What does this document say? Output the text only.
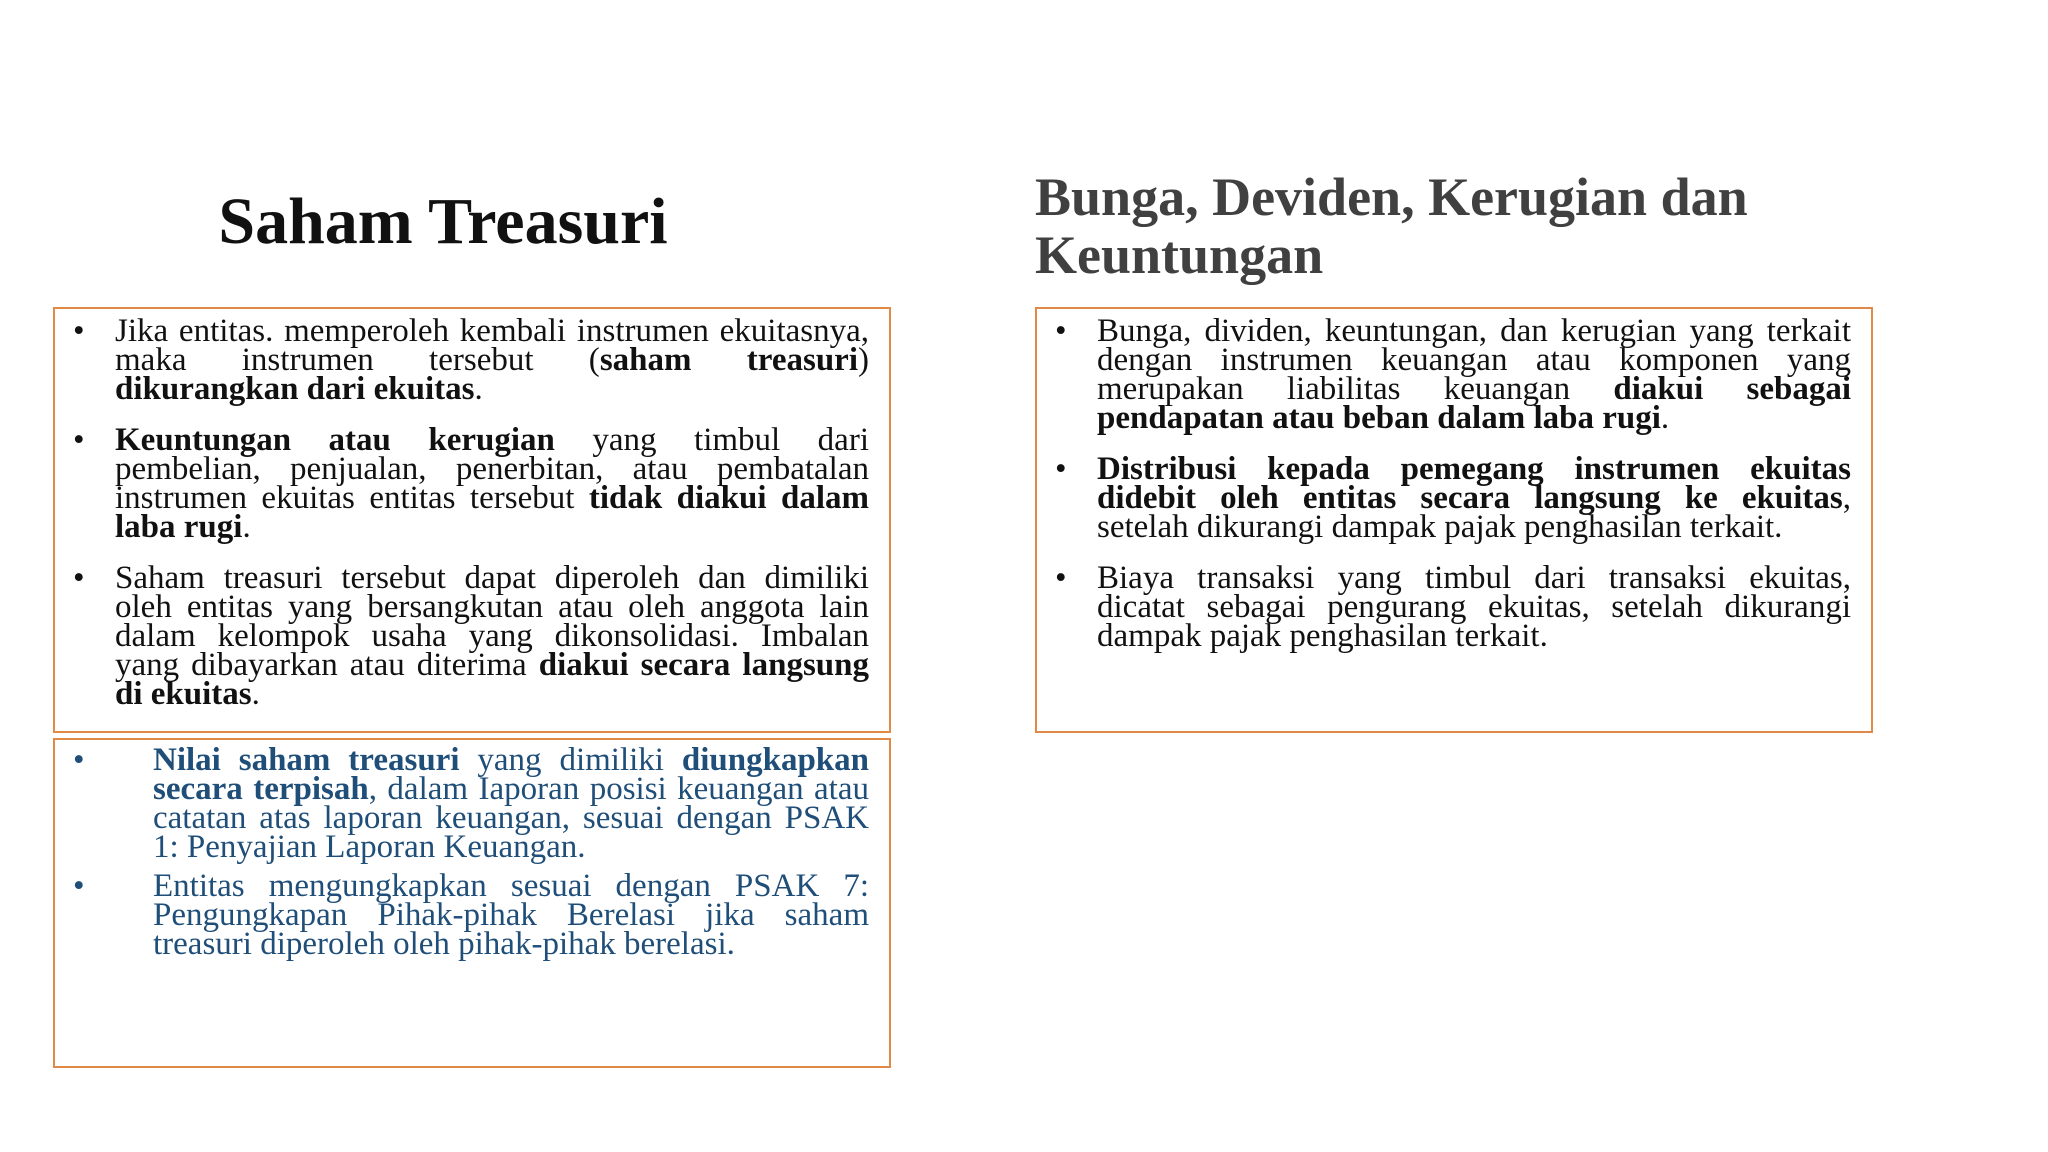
Saham Treasuri	Bunga, Deviden, Kerugian dan Keuntungan
• Jika entitas. memperoleh kembali instrumen ekuitasnya, maka instrumen tersebut (saham treasuri) dikurangkan dari ekuitas.
• Keuntungan atau kerugian yang timbul dari pembelian, penjualan, penerbitan, atau pembatalan instrumen ekuitas entitas tersebut tidak diakui dalam laba rugi.
• Saham treasuri tersebut dapat diperoleh dan dimiliki oleh entitas yang bersangkutan atau oleh anggota lain dalam kelompok usaha yang dikonsolidasi. Imbalan yang dibayarkan atau diterima diakui secara langsung di ekuitas.
• Bunga, dividen, keuntungan, dan kerugian yang terkait dengan instrumen keuangan atau komponen yang merupakan liabilitas keuangan diakui sebagai pendapatan atau beban dalam laba rugi.
• Distribusi kepada pemegang instrumen ekuitas didebit oleh entitas secara langsung ke ekuitas, setelah dikurangi dampak pajak penghasilan terkait.
• Biaya transaksi yang timbul dari transaksi ekuitas, dicatat sebagai pengurang ekuitas, setelah dikurangi dampak pajak penghasilan terkait.
• Nilai saham treasuri yang dimiliki diungkapkan secara terpisah, dalam Iaporan posisi keuangan atau catatan atas laporan keuangan, sesuai dengan PSAK 1: Penyajian Laporan Keuangan.
• Entitas mengungkapkan sesuai dengan PSAK 7: Pengungkapan Pihak-pihak Berelasi jika saham treasuri diperoleh oleh pihak-pihak berelasi.
